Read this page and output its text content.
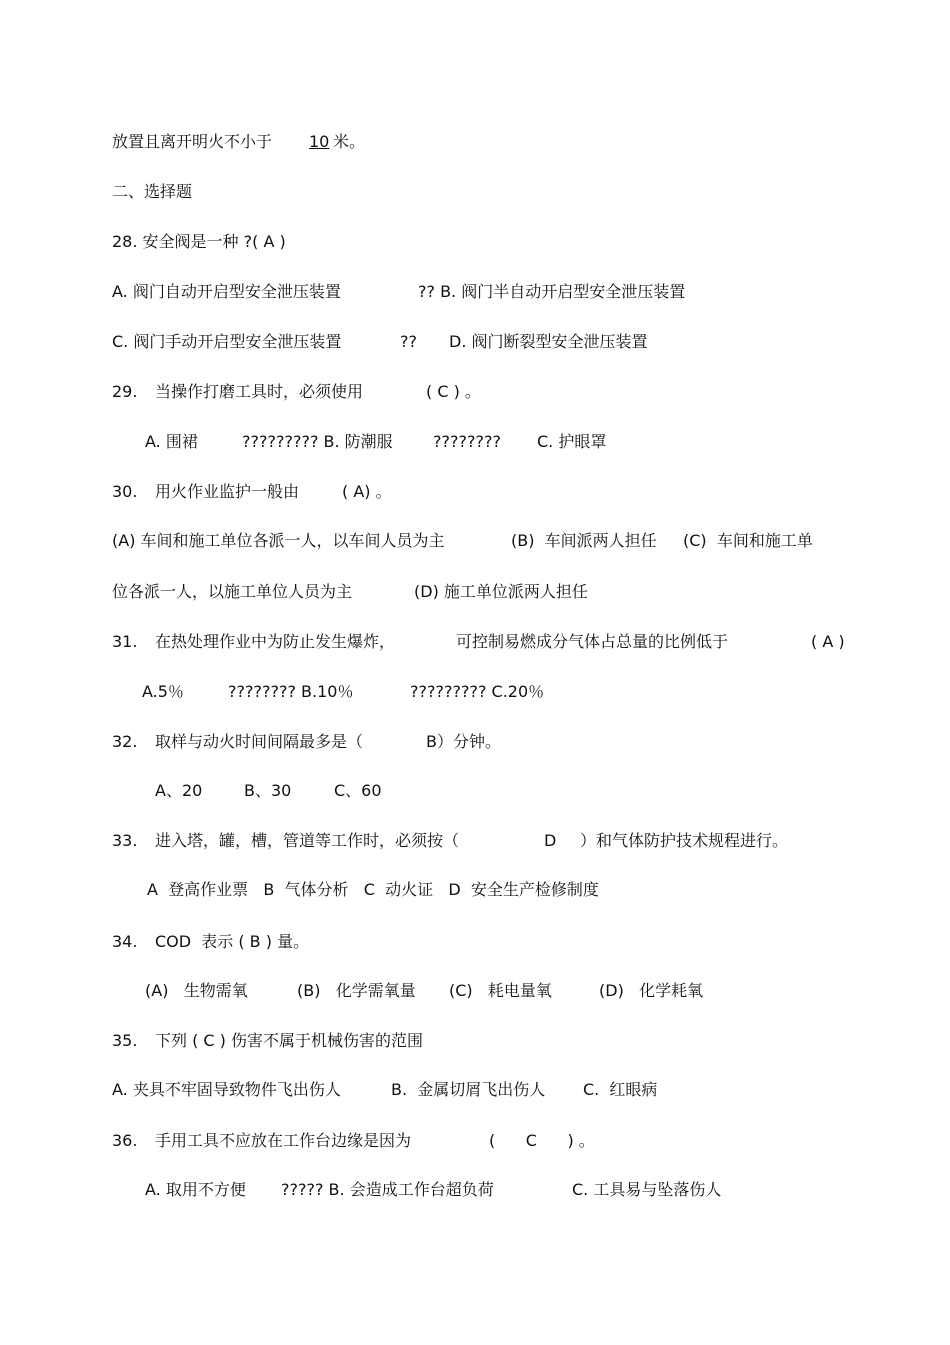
放置且离开明火不小于 10 米。
二、选择题
28. 安全阀是一种 ?( A )
A. 阀门自动开启型安全泄压装置	?? B. 阀门半自动开启型安全泄压装置
C. 阀门手动开启型安全泄压装置	?? D. 阀门断裂型安全泄压装置
29. 当操作打磨工具时，必须使用	( C ) 。
A. 围裙	????????? B. 防潮服	???????? C. 护眼罩
30. 用火作业监护一般由	( A) 。
(A) 车间和施工单位各派一人，以车间人员为主	(B)  车间派两人担任 (C)  车间和施工单
位各派一人，以施工单位人员为主	(D) 施工单位派两人担任
31. 在热处理作业中为防止发生爆炸，	可控制易燃成分气体占总量的比例低于	( A )
A.5％	???????? B.10％	????????? C.20％
32. 取样与动火时间间隔最多是（	B）分钟。
A、20	B、30	C、60
33. 进入塔，罐，槽，管道等工作时，必须按（	D ）和气体防护技术规程进行。
A  登高作业票   B  气体分析   C  动火证   D  安全生产检修制度
34. COD  表示 ( B ) 量。
(A)   生物需氧	(B)   化学需氧量 (C)   耗电量氧	(D)   化学耗氧
35. 下列 ( C ) 伤害不属于机械伤害的范围
A. 夹具不牢固导致物件飞出伤人	B.  金属切屑飞出伤人 C.  红眼病
36. 手用工具不应放在工作台边缘是因为	(      C      ) 。
A. 取用不方便 ????? B. 会造成工作台超负荷	C. 工具易与坠落伤人
